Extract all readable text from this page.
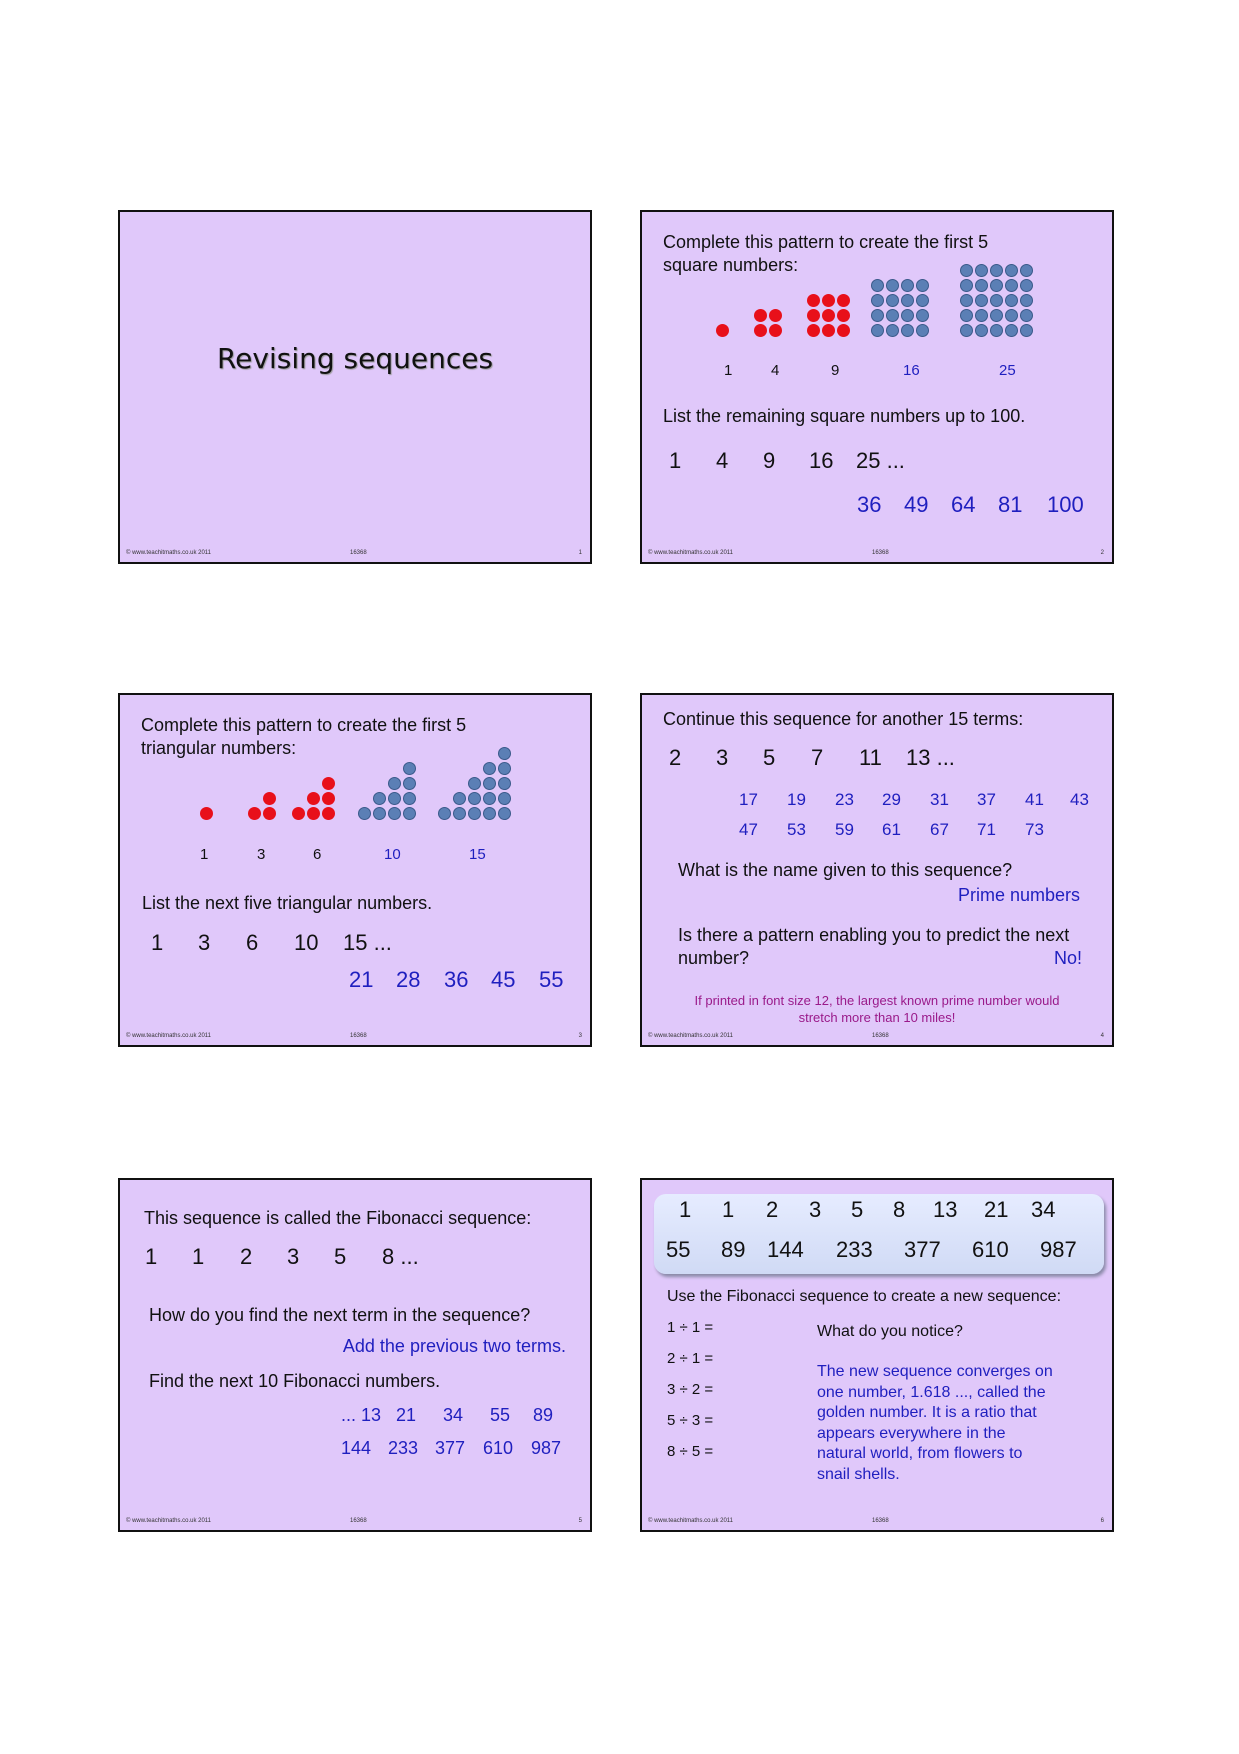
Revising sequences
© www.teachitmaths.co.uk 2011	16368	1
Complete this pattern to create the first 5
square numbers:
1	4	9	16	25
List the remaining square numbers up to 100.
1 4 9 16 25 ...
36 49 64 81 100
© www.teachitmaths.co.uk 2011	16368	2
Complete this pattern to create the first 5
triangular numbers:
1	3	6	10	15
List the next five triangular numbers.
1 3 6 10 15 ...
21 28 36 45 55
© www.teachitmaths.co.uk 2011	16368	3
Continue this sequence for another 15 terms:
2 3 5 7 11 13 ...
17 19 23 29 31 37 41 43
47 53 59 61 67 71 73
What is the name given to this sequence?
Prime numbers
Is there a pattern enabling you to predict the next
number?	No!
If printed in font size 12, the largest known prime number would
stretch more than 10 miles!
© www.teachitmaths.co.uk 2011	16368	4
This sequence is called the Fibonacci sequence:
1 1 2 3 5 8 ...
How do you find the next term in the sequence?
Add the previous two terms.
Find the next 10 Fibonacci numbers.
... 13 21 34 55 89
144 233 377 610 987
© www.teachitmaths.co.uk 2011	16368	5
1 1 2 3 5 8 13 21 34
55 89 144 233 377 610 987
Use the Fibonacci sequence to create a new sequence:
1 ÷ 1 =
2 ÷ 1 =
3 ÷ 2 =
5 ÷ 3 =
8 ÷ 5 =
What do you notice?
The new sequence converges on
one number, 1.618 ..., called the
golden number. It is a ratio that
appears everywhere in the
natural world, from flowers to
snail shells.
© www.teachitmaths.co.uk 2011	16368	6
